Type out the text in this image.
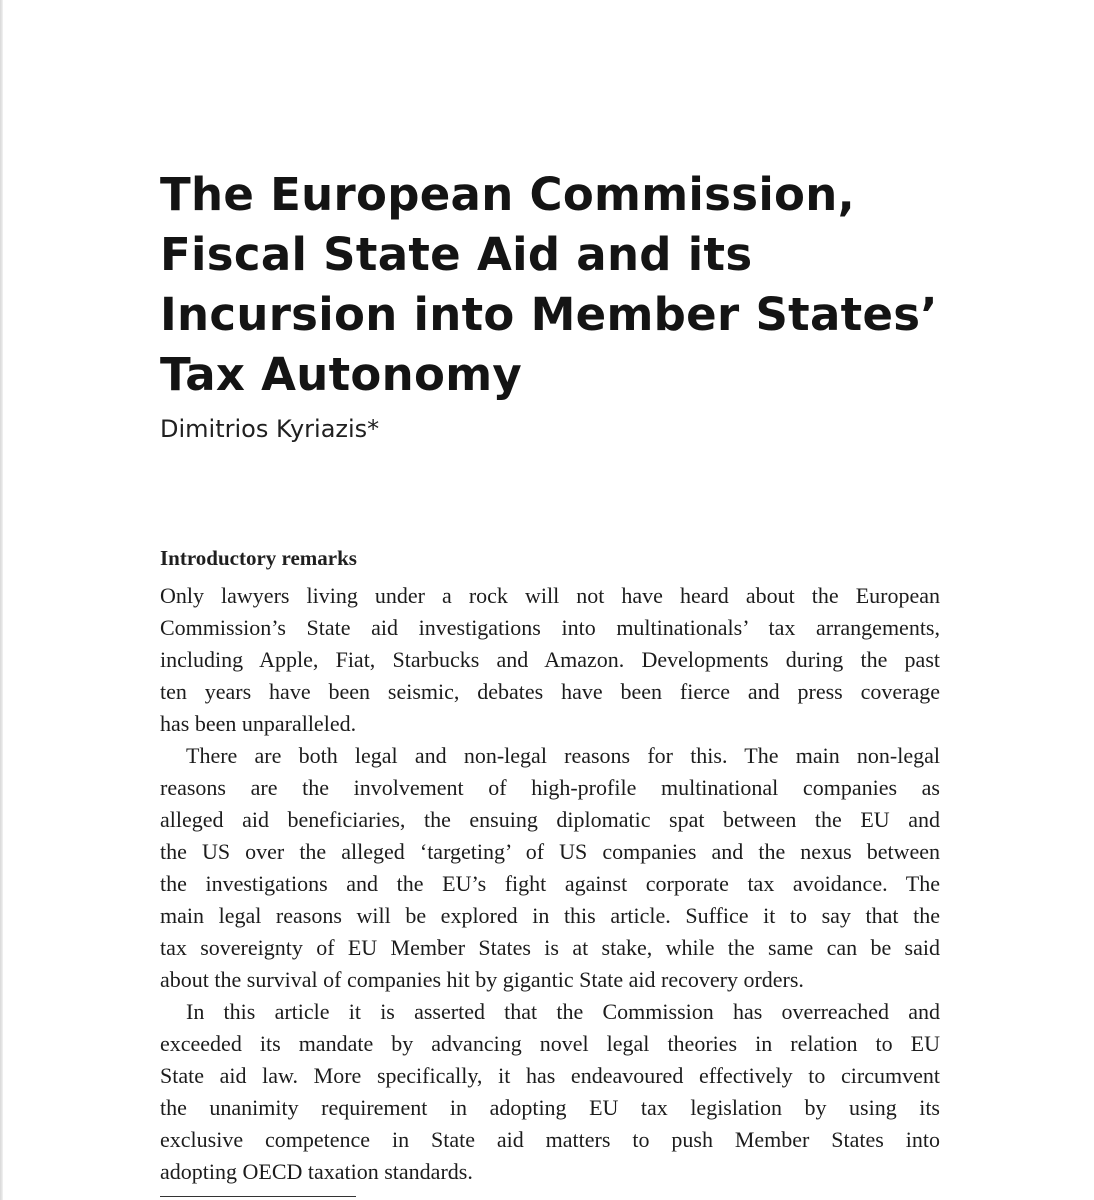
The European Commission,
Fiscal State Aid and its
Incursion into Member States’
Tax Autonomy
Dimitrios Kyriazis*
Introductory remarks

Only lawyers living under a rock will not have heard about the European
Commission’s State aid investigations into multinationals’ tax arrangements,
including Apple, Fiat, Starbucks and Amazon. Developments during the past
ten years have been seismic, debates have been fierce and press coverage
has been unparalleled.

There are both legal and non-legal reasons for this. The main non-legal
reasons are the involvement of high-profile multinational companies as
alleged aid beneficiaries, the ensuing diplomatic spat between the EU and
the US over the alleged ‘targeting’ of US companies and the nexus between
the investigations and the EU’s fight against corporate tax avoidance. The
main legal reasons will be explored in this article. Suffice it to say that the
tax sovereignty of EU Member States is at stake, while the same can be said
about the survival of companies hit by gigantic State aid recovery orders.

In this article it is asserted that the Commission has overreached and
exceeded its mandate by advancing novel legal theories in relation to EU
State aid law. More specifically, it has endeavoured effectively to circumvent
the unanimity requirement in adopting EU tax legislation by using its
exclusive competence in State aid matters to push Member States into
adopting OECD taxation standards.
